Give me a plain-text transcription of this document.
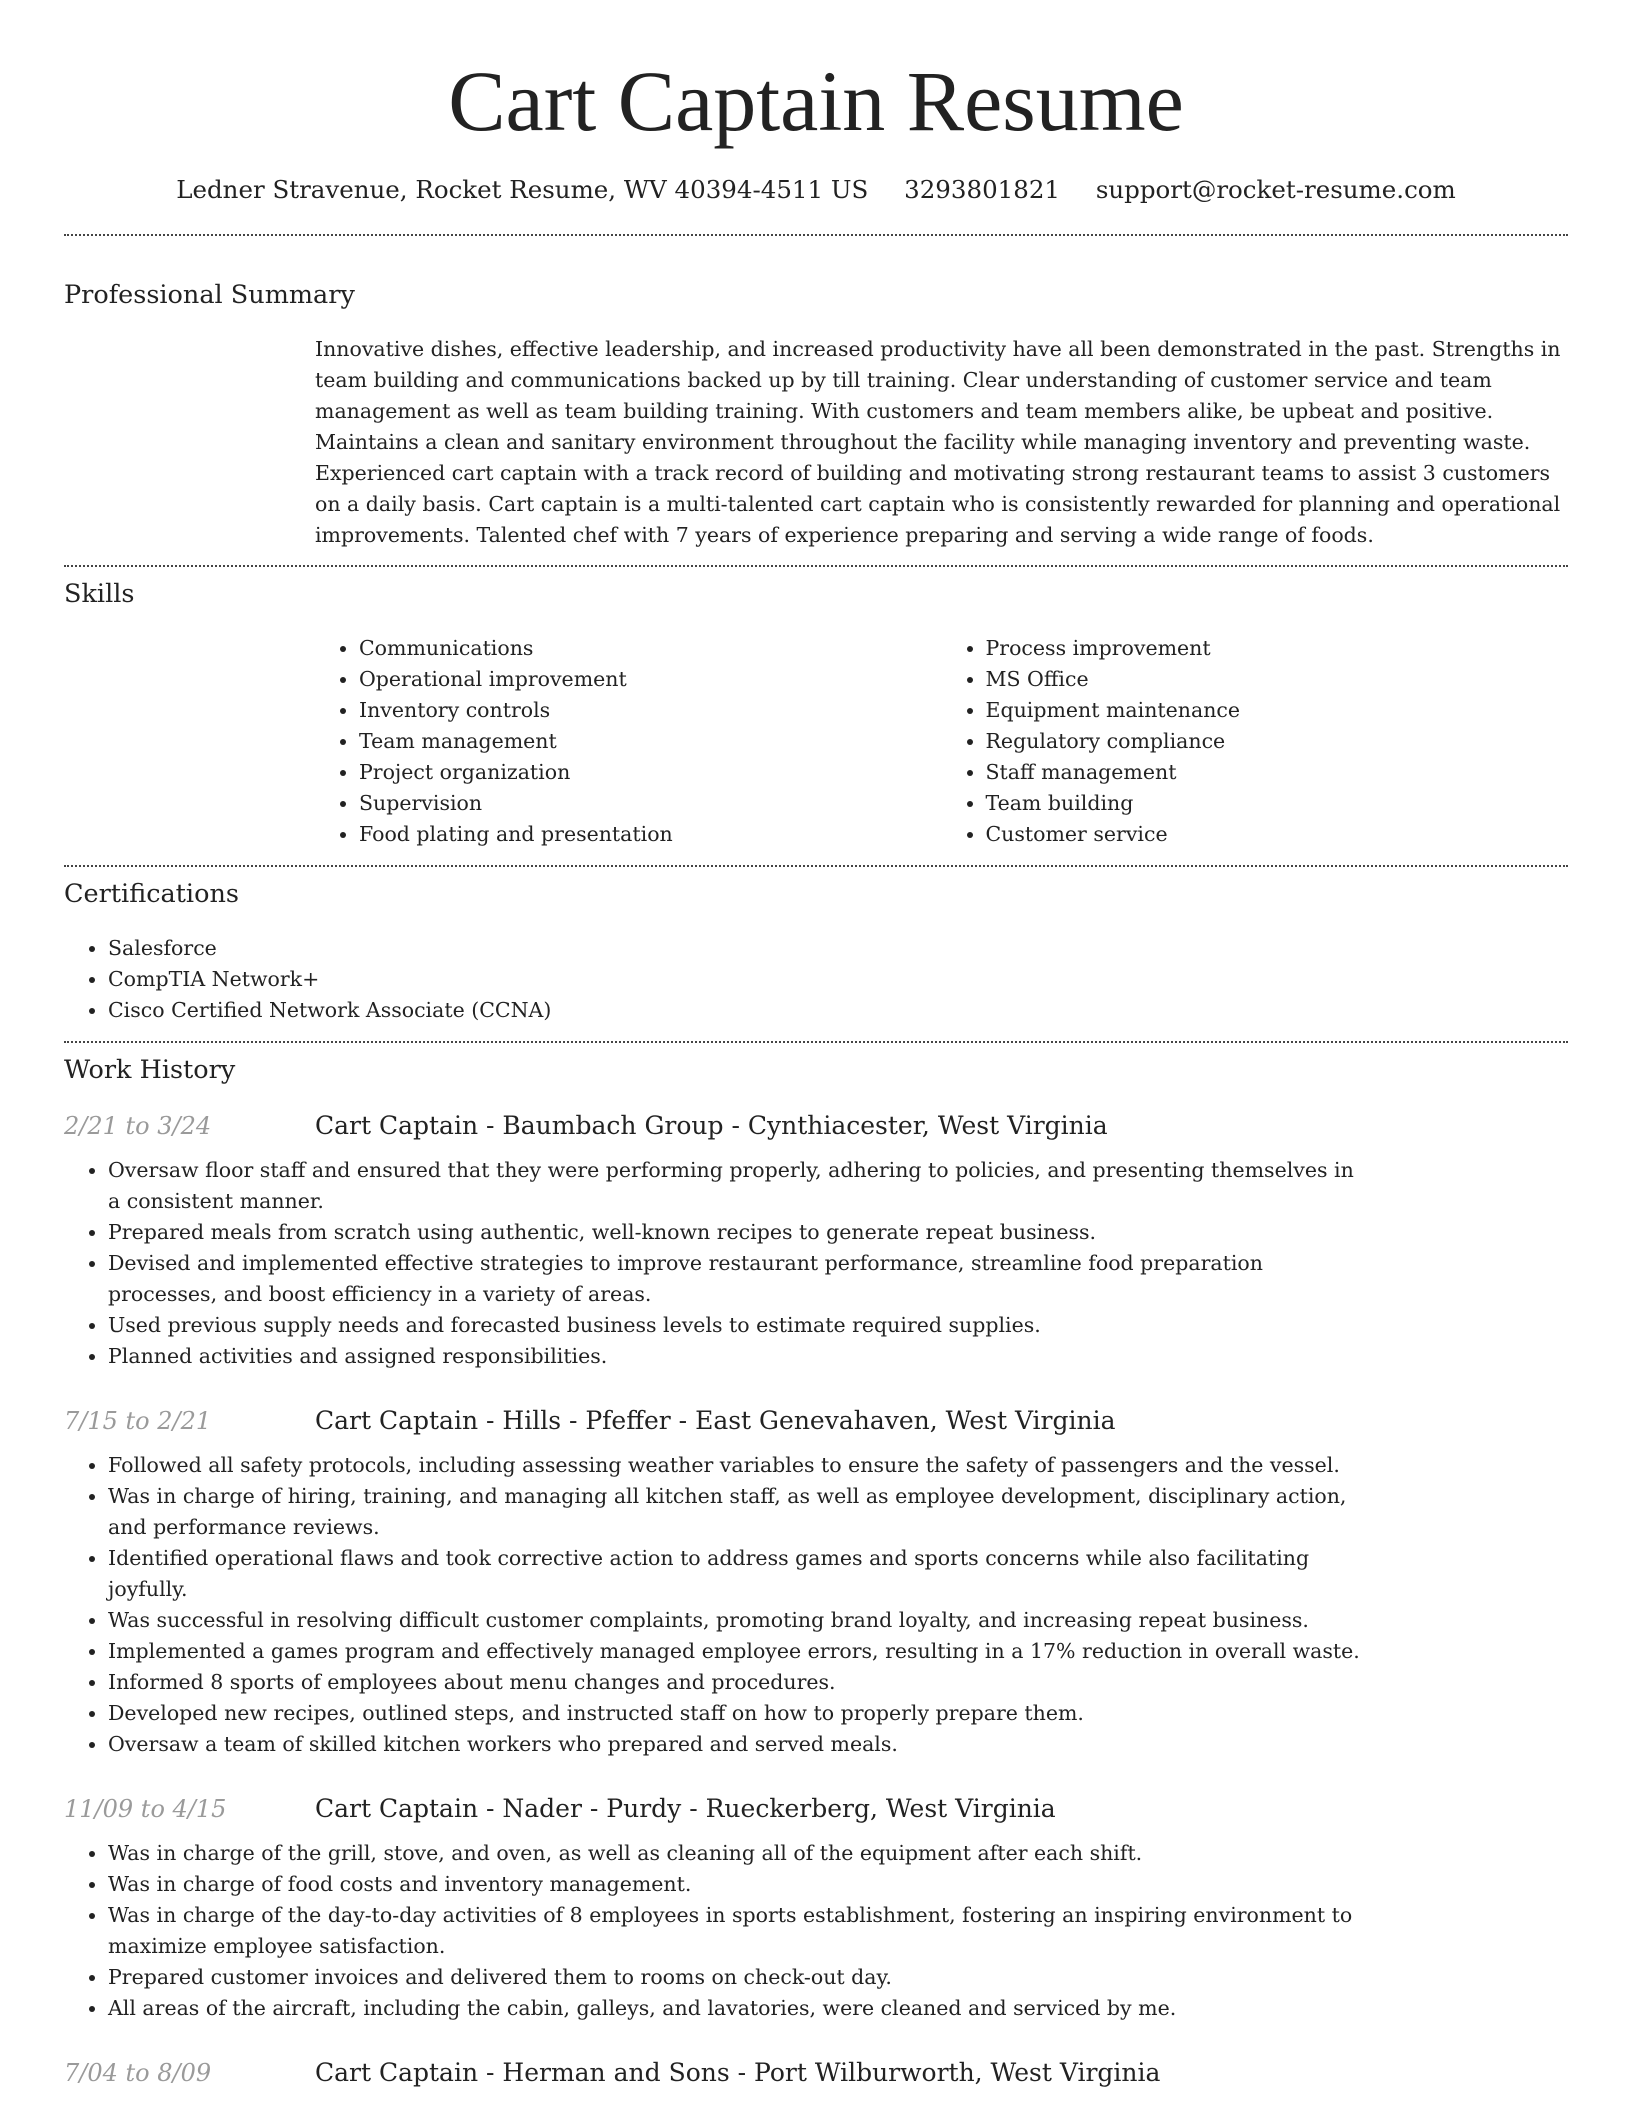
Cart Captain Resume
Ledner Stravenue, Rocket Resume, WV 40394-4511 US 3293801821 support@rocket-resume.com
Professional Summary
Innovative dishes, effective leadership, and increased productivity have all been demonstrated in the past. Strengths in team building and communications backed up by till training. Clear understanding of customer service and team management as well as team building training. With customers and team members alike, be upbeat and positive. Maintains a clean and sanitary environment throughout the facility while managing inventory and preventing waste. Experienced cart captain with a track record of building and motivating strong restaurant teams to assist 3 customers on a daily basis. Cart captain is a multi-talented cart captain who is consistently rewarded for planning and operational improvements. Talented chef with 7 years of experience preparing and serving a wide range of foods.
Skills
• Communications
• Operational improvement
• Inventory controls
• Team management
• Project organization
• Supervision
• Food plating and presentation
• Process improvement
• MS Office
• Equipment maintenance
• Regulatory compliance
• Staff management
• Team building
• Customer service
Certifications
• Salesforce
• CompTIA Network+
• Cisco Certified Network Associate (CCNA)
Work History
2/21 to 3/24	Cart Captain - Baumbach Group - Cynthiacester, West Virginia
• Oversaw floor staff and ensured that they were performing properly, adhering to policies, and presenting themselves in a consistent manner.
• Prepared meals from scratch using authentic, well-known recipes to generate repeat business.
• Devised and implemented effective strategies to improve restaurant performance, streamline food preparation processes, and boost efficiency in a variety of areas.
• Used previous supply needs and forecasted business levels to estimate required supplies.
• Planned activities and assigned responsibilities.
7/15 to 2/21	Cart Captain - Hills - Pfeffer - East Genevahaven, West Virginia
• Followed all safety protocols, including assessing weather variables to ensure the safety of passengers and the vessel.
• Was in charge of hiring, training, and managing all kitchen staff, as well as employee development, disciplinary action, and performance reviews.
• Identified operational flaws and took corrective action to address games and sports concerns while also facilitating joyfully.
• Was successful in resolving difficult customer complaints, promoting brand loyalty, and increasing repeat business.
• Implemented a games program and effectively managed employee errors, resulting in a 17% reduction in overall waste.
• Informed 8 sports of employees about menu changes and procedures.
• Developed new recipes, outlined steps, and instructed staff on how to properly prepare them.
• Oversaw a team of skilled kitchen workers who prepared and served meals.
11/09 to 4/15	Cart Captain - Nader - Purdy - Rueckerberg, West Virginia
• Was in charge of the grill, stove, and oven, as well as cleaning all of the equipment after each shift.
• Was in charge of food costs and inventory management.
• Was in charge of the day-to-day activities of 8 employees in sports establishment, fostering an inspiring environment to maximize employee satisfaction.
• Prepared customer invoices and delivered them to rooms on check-out day.
• All areas of the aircraft, including the cabin, galleys, and lavatories, were cleaned and serviced by me.
7/04 to 8/09	Cart Captain - Herman and Sons - Port Wilburworth, West Virginia
